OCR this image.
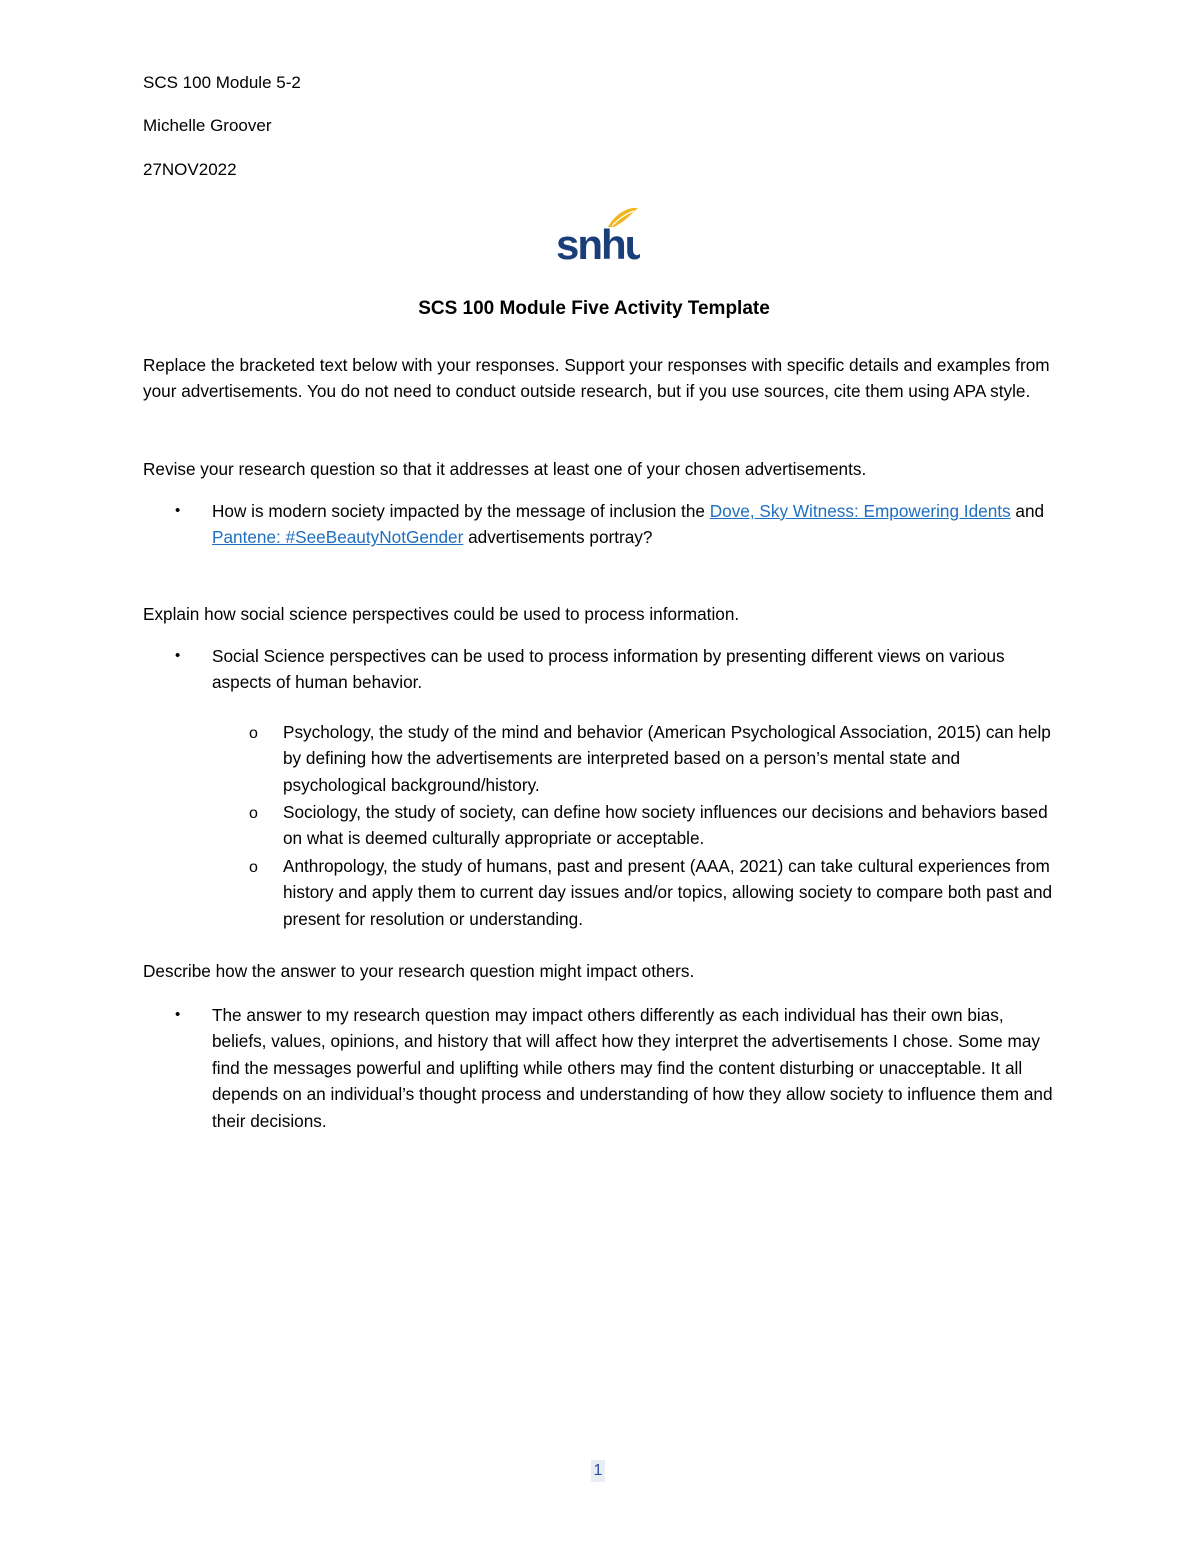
SCS 100 Module 5-2
Michelle Groover
27NOV2022
snhu
SCS 100 Module Five Activity Template

Replace the bracketed text below with your responses. Support your responses with specific details and examples from your advertisements. You do not need to conduct outside research, but if you use sources, cite them using APA style.

Revise your research question so that it addresses at least one of your chosen advertisements.

• How is modern society impacted by the message of inclusion the Dove, Sky Witness: Empowering Idents and Pantene: #SeeBeautyNotGender advertisements portray?

Explain how social science perspectives could be used to process information.

• Social Science perspectives can be used to process information by presenting different views on various aspects of human behavior.

o Psychology, the study of the mind and behavior (American Psychological Association, 2015) can help by defining how the advertisements are interpreted based on a person’s mental state and psychological background/history.

o Sociology, the study of society, can define how society influences our decisions and behaviors based on what is deemed culturally appropriate or acceptable.

o Anthropology, the study of humans, past and present (AAA, 2021) can take cultural experiences from history and apply them to current day issues and/or topics, allowing society to compare both past and present for resolution or understanding.

Describe how the answer to your research question might impact others.

• The answer to my research question may impact others differently as each individual has their own bias, beliefs, values, opinions, and history that will affect how they interpret the advertisements I chose. Some may find the messages powerful and uplifting while others may find the content disturbing or unacceptable. It all depends on an individual’s thought process and understanding of how they allow society to influence them and their decisions.

1
